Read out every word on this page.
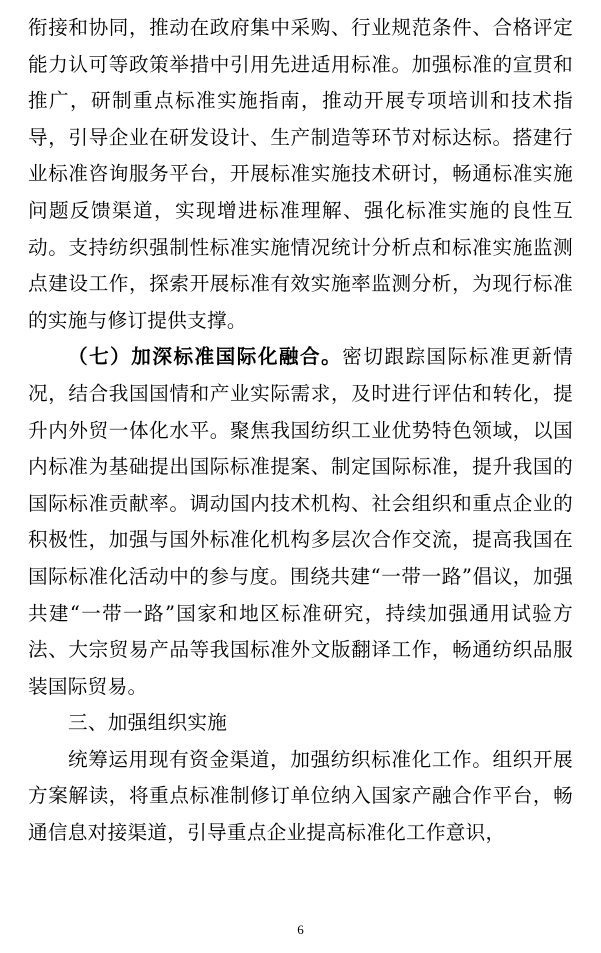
衔接和协同，推动在政府集中采购、行业规范条件、合格评定能力认可等政策举措中引用先进适用标准。加强标准的宣贯和推广，研制重点标准实施指南，推动开展专项培训和技术指导，引导企业在研发设计、生产制造等环节对标达标。搭建行业标准咨询服务平台，开展标准实施技术研讨，畅通标准实施问题反馈渠道，实现增进标准理解、强化标准实施的良性互动。支持纺织强制性标准实施情况统计分析点和标准实施监测点建设工作，探索开展标准有效实施率监测分析，为现行标准的实施与修订提供支撑。

（七）加深标准国际化融合。密切跟踪国际标准更新情况，结合我国国情和产业实际需求，及时进行评估和转化，提升内外贸一体化水平。聚焦我国纺织工业优势特色领域，以国内标准为基础提出国际标准提案、制定国际标准，提升我国的国际标准贡献率。调动国内技术机构、社会组织和重点企业的积极性，加强与国外标准化机构多层次合作交流，提高我国在国际标准化活动中的参与度。围绕共建“一带一路”倡议，加强共建“一带一路”国家和地区标准研究，持续加强通用试验方法、大宗贸易产品等我国标准外文版翻译工作，畅通纺织品服装国际贸易。

三、加强组织实施

统筹运用现有资金渠道，加强纺织标准化工作。组织开展方案解读，将重点标准制修订单位纳入国家产融合作平台，畅通信息对接渠道，引导重点企业提高标准化工作意识，

6
